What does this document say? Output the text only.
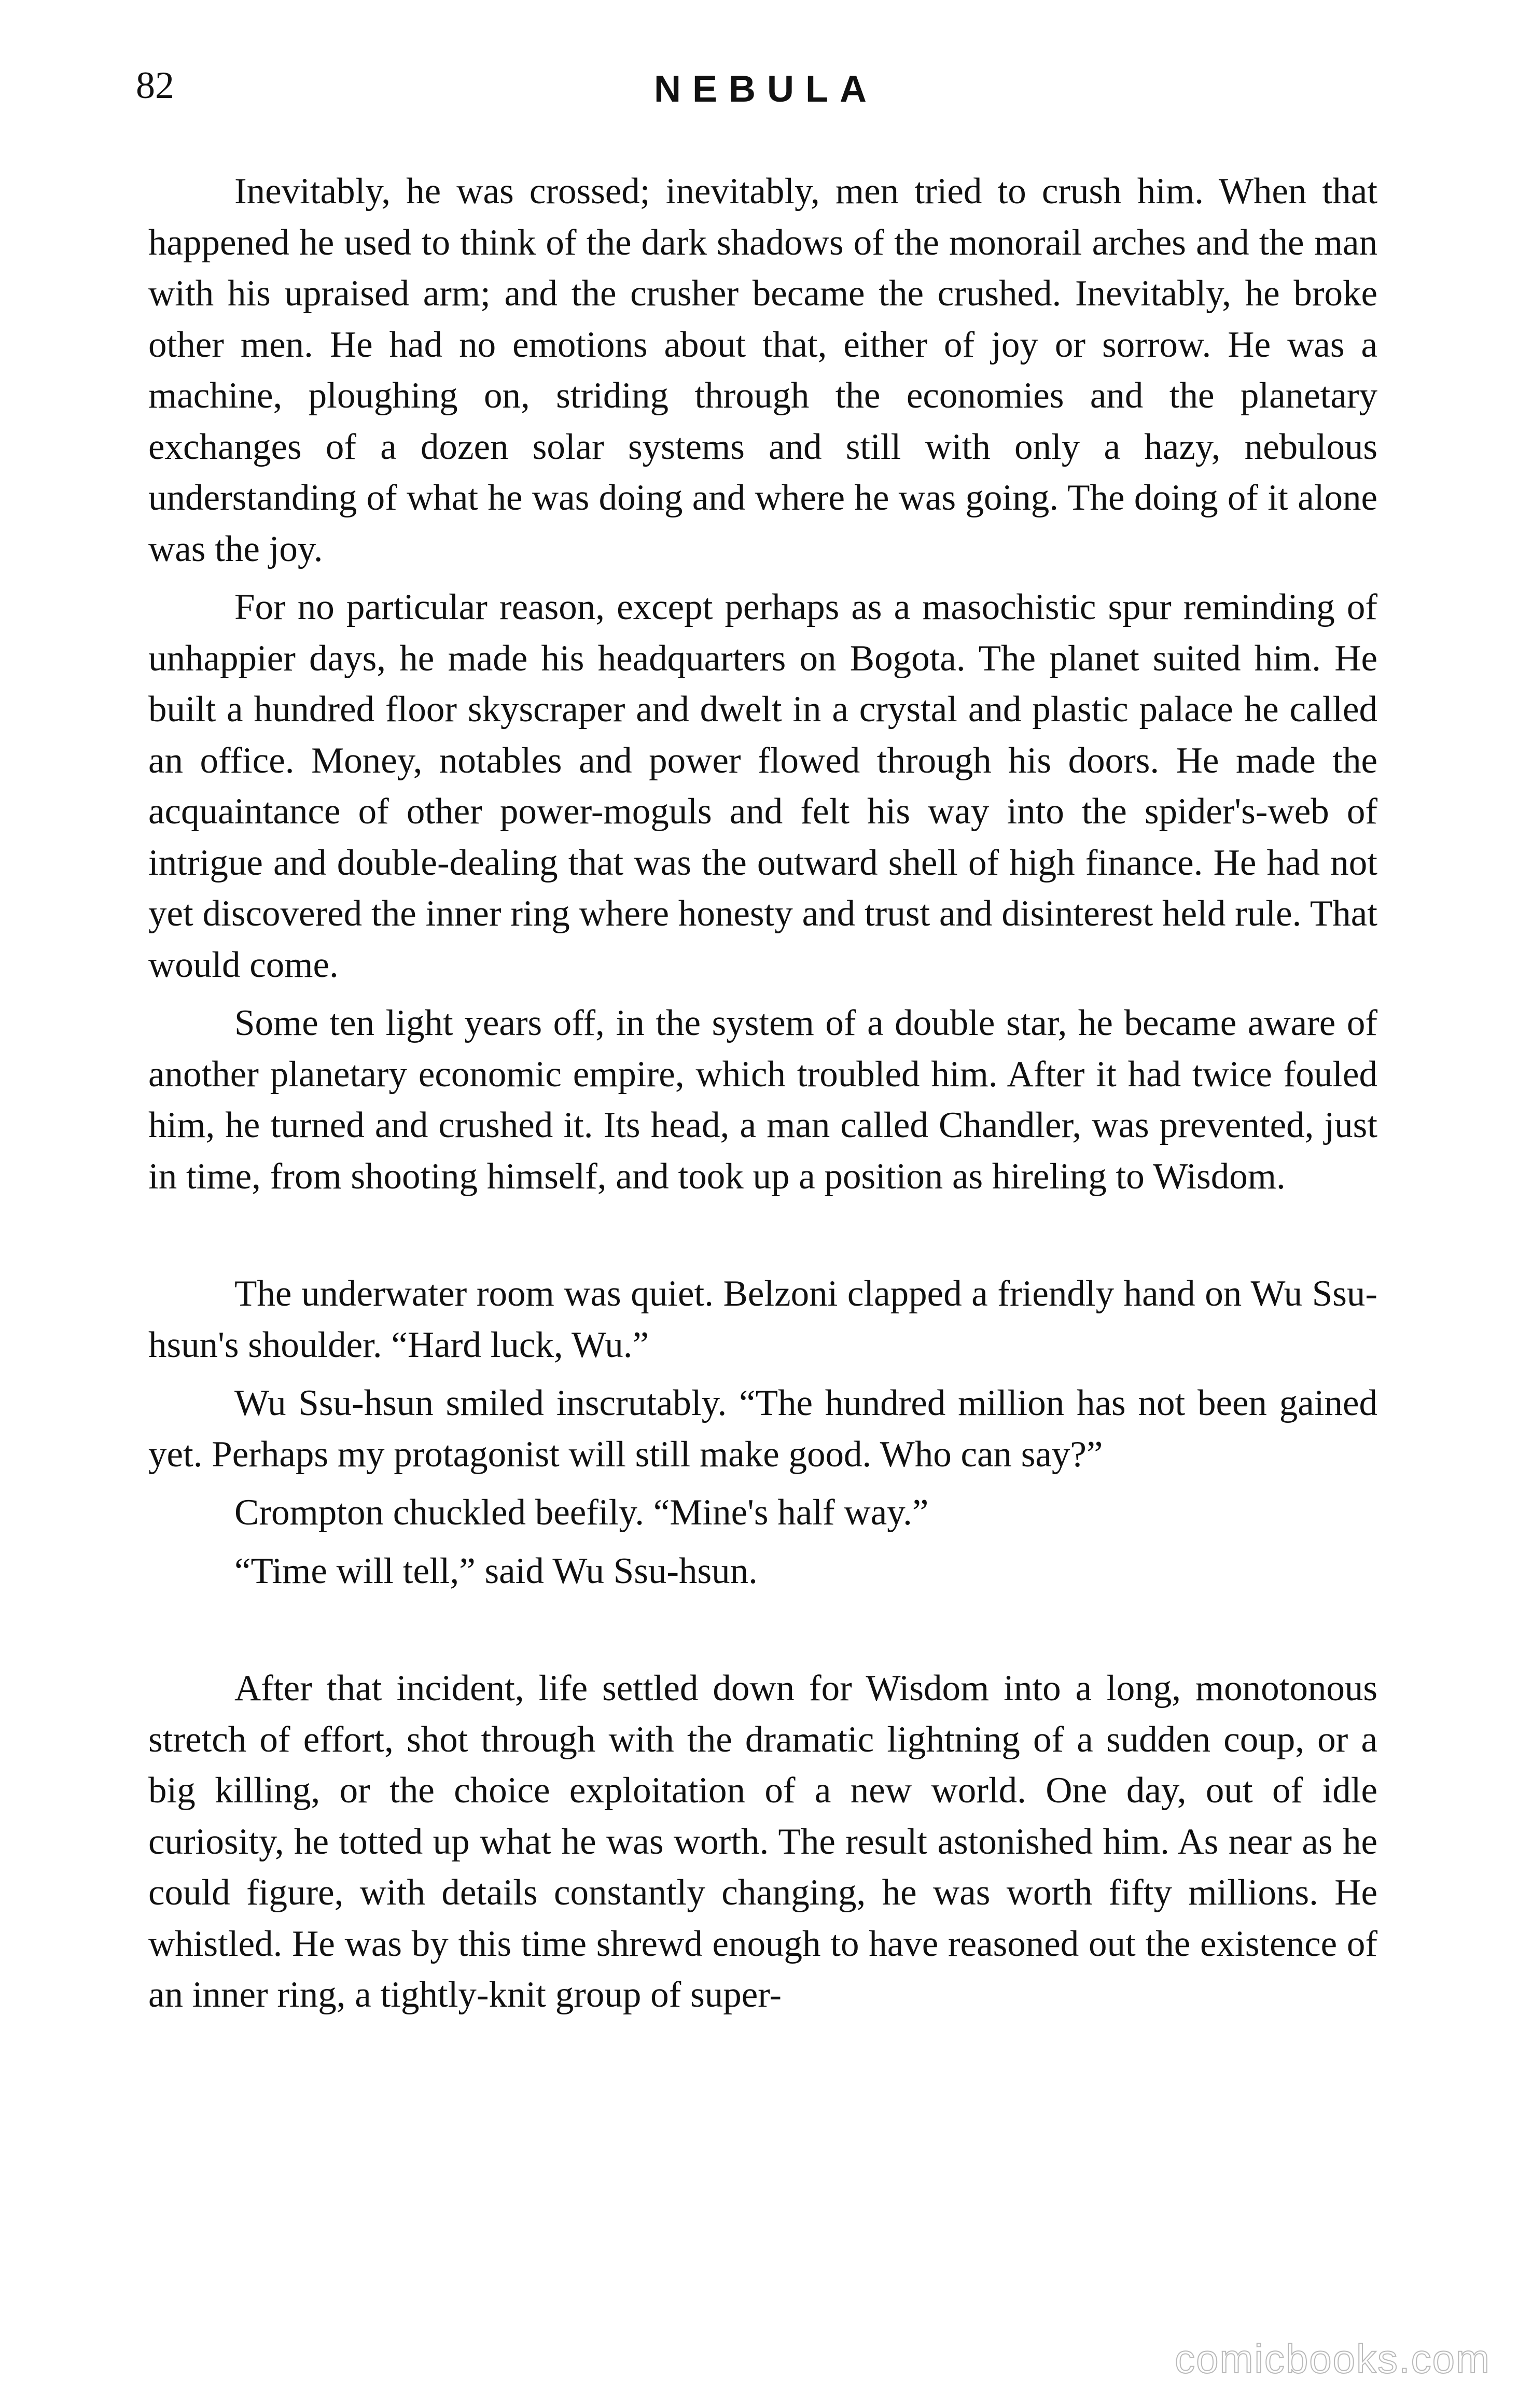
82	NEBULA

Inevitably, he was crossed; inevitably, men tried to crush him. When that happened he used to think of the dark shadows of the monorail arches and the man with his upraised arm; and the crusher became the crushed. Inevitably, he broke other men. He had no emotions about that, either of joy or sorrow. He was a machine, ploughing on, striding through the economies and the planetary exchanges of a dozen solar systems and still with only a hazy, nebulous understanding of what he was doing and where he was going. The doing of it alone was the joy.

For no particular reason, except perhaps as a masochistic spur reminding of unhappier days, he made his headquarters on Bogota. The planet suited him. He built a hundred floor skyscraper and dwelt in a crystal and plastic palace he called an office. Money, notables and power flowed through his doors. He made the acquaintance of other power-moguls and felt his way into the spider's-web of intrigue and double-dealing that was the outward shell of high finance. He had not yet discovered the inner ring where honesty and trust and disinterest held rule. That would come.

Some ten light years off, in the system of a double star, he became aware of another planetary economic empire, which troubled him. After it had twice fouled him, he turned and crushed it. Its head, a man called Chandler, was prevented, just in time, from shooting himself, and took up a position as hireling to Wisdom.

The underwater room was quiet. Belzoni clapped a friendly hand on Wu Ssu-hsun's shoulder. “Hard luck, Wu.”

Wu Ssu-hsun smiled inscrutably. “The hundred million has not been gained yet. Perhaps my protagonist will still make good. Who can say?”

Crompton chuckled beefily. “Mine's half way.”

“Time will tell,” said Wu Ssu-hsun.

After that incident, life settled down for Wisdom into a long, monotonous stretch of effort, shot through with the dramatic lightning of a sudden coup, or a big killing, or the choice exploitation of a new world. One day, out of idle curiosity, he totted up what he was worth. The result astonished him. As near as he could figure, with details constantly changing, he was worth fifty millions. He whistled. He was by this time shrewd enough to have reasoned out the existence of an inner ring, a tightly-knit group of super-

comicbooks.com
